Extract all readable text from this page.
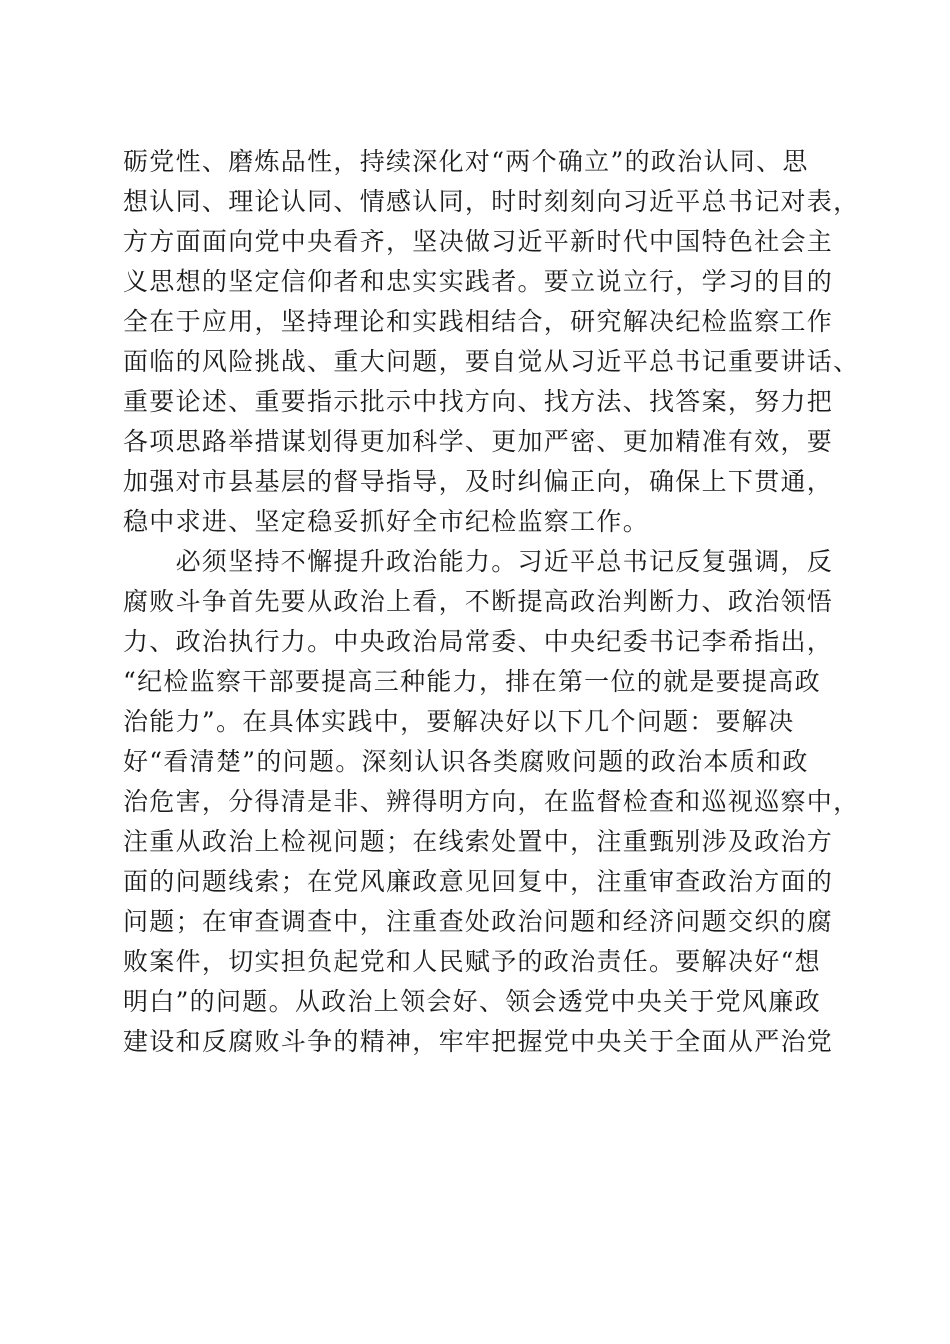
砺党性、磨炼品性，持续深化对“两个确立”的政治认同、思
想认同、理论认同、情感认同，时时刻刻向习近平总书记对表，
方方面面向党中央看齐，坚决做习近平新时代中国特色社会主
义思想的坚定信仰者和忠实实践者。要立说立行，学习的目的
全在于应用，坚持理论和实践相结合，研究解决纪检监察工作
面临的风险挑战、重大问题，要自觉从习近平总书记重要讲话、
重要论述、重要指示批示中找方向、找方法、找答案，努力把
各项思路举措谋划得更加科学、更加严密、更加精准有效，要
加强对市县基层的督导指导，及时纠偏正向，确保上下贯通，
稳中求进、坚定稳妥抓好全市纪检监察工作。
　　必须坚持不懈提升政治能力。习近平总书记反复强调，反
腐败斗争首先要从政治上看，不断提高政治判断力、政治领悟
力、政治执行力。中央政治局常委、中央纪委书记李希指出，
“纪检监察干部要提高三种能力，排在第一位的就是要提高政
治能力”。在具体实践中，要解决好以下几个问题：要解决
好“看清楚”的问题。深刻认识各类腐败问题的政治本质和政
治危害，分得清是非、辨得明方向，在监督检查和巡视巡察中，
注重从政治上检视问题；在线索处置中，注重甄别涉及政治方
面的问题线索；在党风廉政意见回复中，注重审查政治方面的
问题；在审查调查中，注重查处政治问题和经济问题交织的腐
败案件，切实担负起党和人民赋予的政治责任。要解决好“想
明白”的问题。从政治上领会好、领会透党中央关于党风廉政
建设和反腐败斗争的精神，牢牢把握党中央关于全面从严治党
